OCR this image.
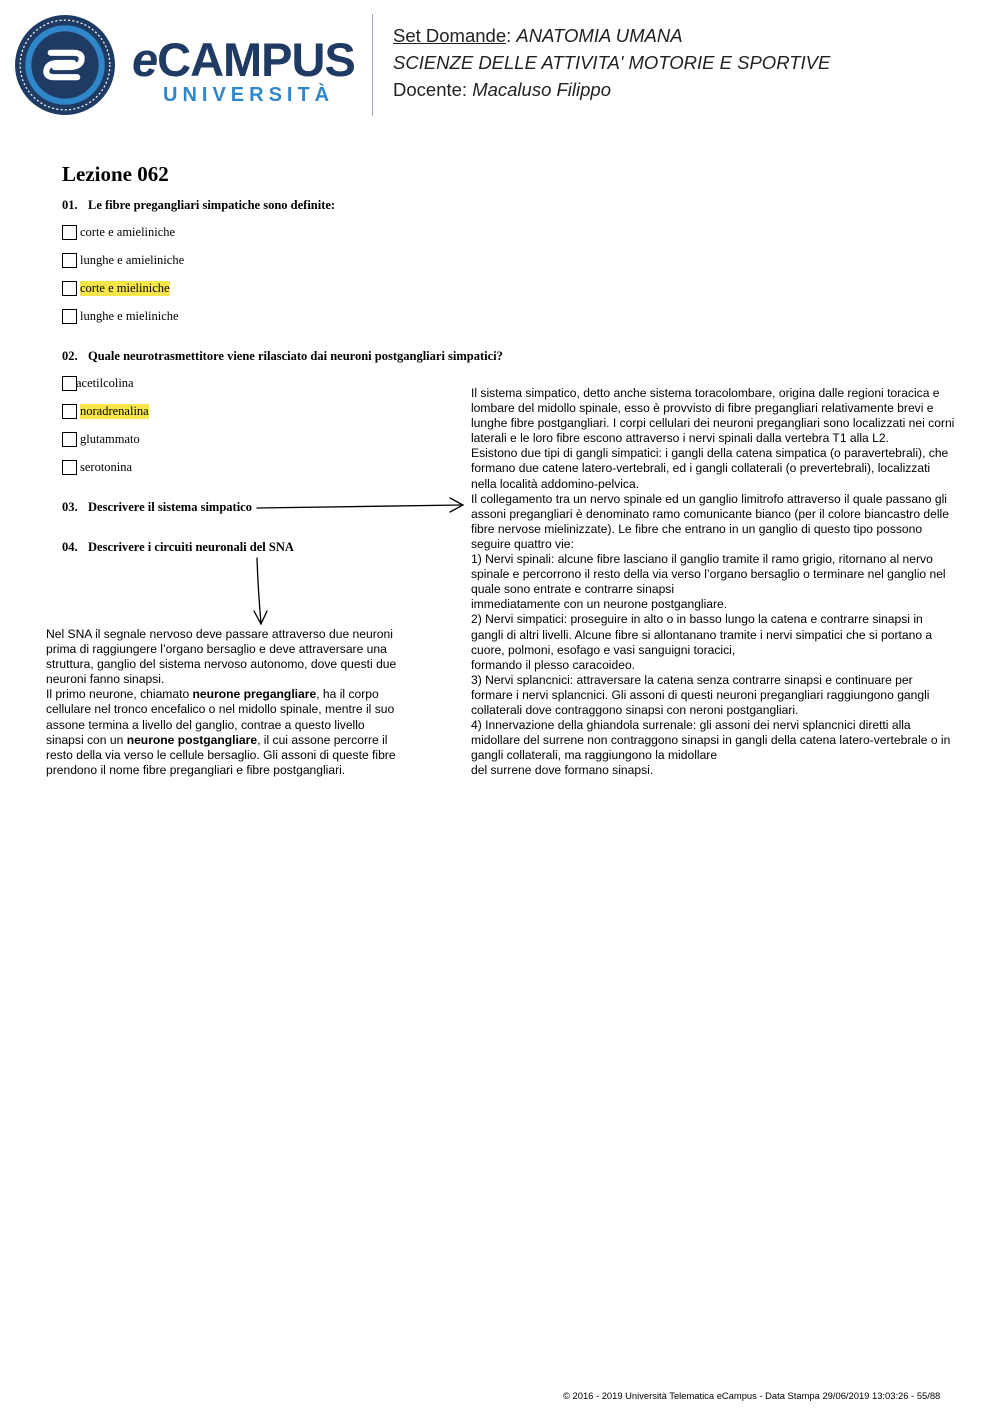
eCAMPUS
UNIVERSITÀ
Set Domande: ANATOMIA UMANA
SCIENZE DELLE ATTIVITA' MOTORIE E SPORTIVE
Docente: Macaluso Filippo
Lezione 062
01. Le fibre pregangliari simpatiche sono definite:
corte e amieliniche
lunghe e amieliniche
corte e mieliniche
lunghe e mieliniche
02. Quale neurotrasmettitore viene rilasciato dai neuroni postgangliari simpatici?
acetilcolina
noradrenalina
glutammato
serotonina
03. Descrivere il sistema simpatico
04. Descrivere i circuiti neuronali del SNA

Il sistema simpatico, detto anche sistema toracolombare, origina dalle regioni toracica e lombare del midollo spinale, esso è provvisto di fibre pregangliari relativamente brevi e lunghe fibre postgangliari. I corpi cellulari dei neuroni pregangliari sono localizzati nei corni laterali e le loro fibre escono attraverso i nervi spinali dalla vertebra T1 alla L2.

Esistono due tipi di gangli simpatici: i gangli della catena simpatica (o paravertebrali), che formano due catene latero-vertebrali, ed i gangli collaterali (o prevertebrali), localizzati nella località addomino-pelvica.

Il collegamento tra un nervo spinale ed un ganglio limitrofo attraverso il quale passano gli assoni pregangliari è denominato ramo comunicante bianco (per il colore biancastro delle fibre nervose mielinizzate). Le fibre che entrano in un ganglio di questo tipo possono seguire quattro vie:

1) Nervi spinali: alcune fibre lasciano il ganglio tramite il ramo grigio, ritornano al nervo spinale e percorrono il resto della via verso l’organo bersaglio o terminare nel ganglio nel quale sono entrate e contrarre sinapsi

immediatamente con un neurone postgangliare.

2) Nervi simpatici: proseguire in alto o in basso lungo la catena e contrarre sinapsi in gangli di altri livelli. Alcune fibre si allontanano tramite i nervi simpatici che si portano a cuore, polmoni, esofago e vasi sanguigni toracici,

formando il plesso caracoideo.

3) Nervi splancnici: attraversare la catena senza contrarre sinapsi e continuare per formare i nervi splancnici. Gli assoni di questi neuroni pregangliari raggiungono gangli collaterali dove contraggono sinapsi con neroni postgangliari.

4) Innervazione della ghiandola surrenale: gli assoni dei nervi splancnici diretti alla midollare del surrene non contraggono sinapsi in gangli della catena latero-vertebrale o in gangli collaterali, ma raggiungono la midollare

del surrene dove formano sinapsi.

Nel SNA il segnale nervoso deve passare attraverso due neuroni prima di raggiungere l’organo bersaglio e deve attraversare una struttura, ganglio del sistema nervoso autonomo, dove questi due neuroni fanno sinapsi.

Il primo neurone, chiamato neurone pregangliare, ha il corpo cellulare nel tronco encefalico o nel midollo spinale, mentre il suo assone termina a livello del ganglio, contrae a questo livello sinapsi con un neurone postgangliare, il cui assone percorre il resto della via verso le cellule bersaglio. Gli assoni di queste fibre prendono il nome fibre pregangliari e fibre postgangliari.

© 2016 - 2019 Università Telematica eCampus - Data Stampa 29/06/2019 13:03:26 - 55/88
